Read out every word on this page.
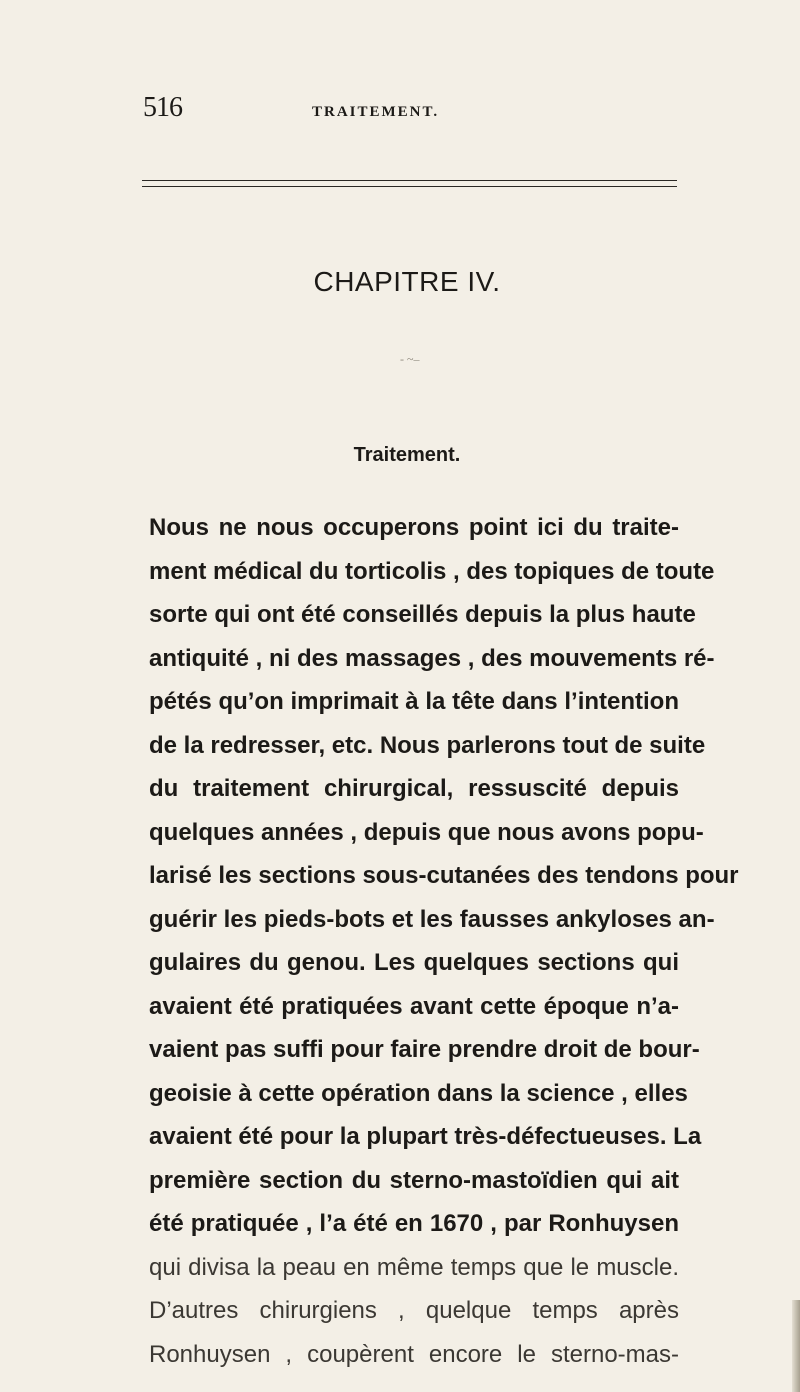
516	TRAITEMENT.
CHAPITRE IV.
- ~–
Traitement.
Nous ne nous occuperons point ici du traite-
ment médical du torticolis , des topiques de toute
sorte qui ont été conseillés depuis la plus haute
antiquité , ni des massages , des mouvements ré-
pétés qu’on imprimait à la tête dans l’intention
de la redresser, etc. Nous parlerons tout de suite
du traitement chirurgical, ressuscité depuis
quelques années , depuis que nous avons popu-
larisé les sections sous-cutanées des tendons pour
guérir les pieds-bots et les fausses ankyloses an-
gulaires du genou. Les quelques sections qui
avaient été pratiquées avant cette époque n’a-
vaient pas suffi pour faire prendre droit de bour-
geoisie à cette opération dans la science , elles
avaient été pour la plupart très-défectueuses. La
première section du sterno-mastoïdien qui ait
été pratiquée , l’a été en 1670 , par Ronhuysen
qui divisa la peau en même temps que le muscle.
D’autres chirurgiens , quelque temps après
Ronhuysen , coupèrent encore le sterno-mas-
